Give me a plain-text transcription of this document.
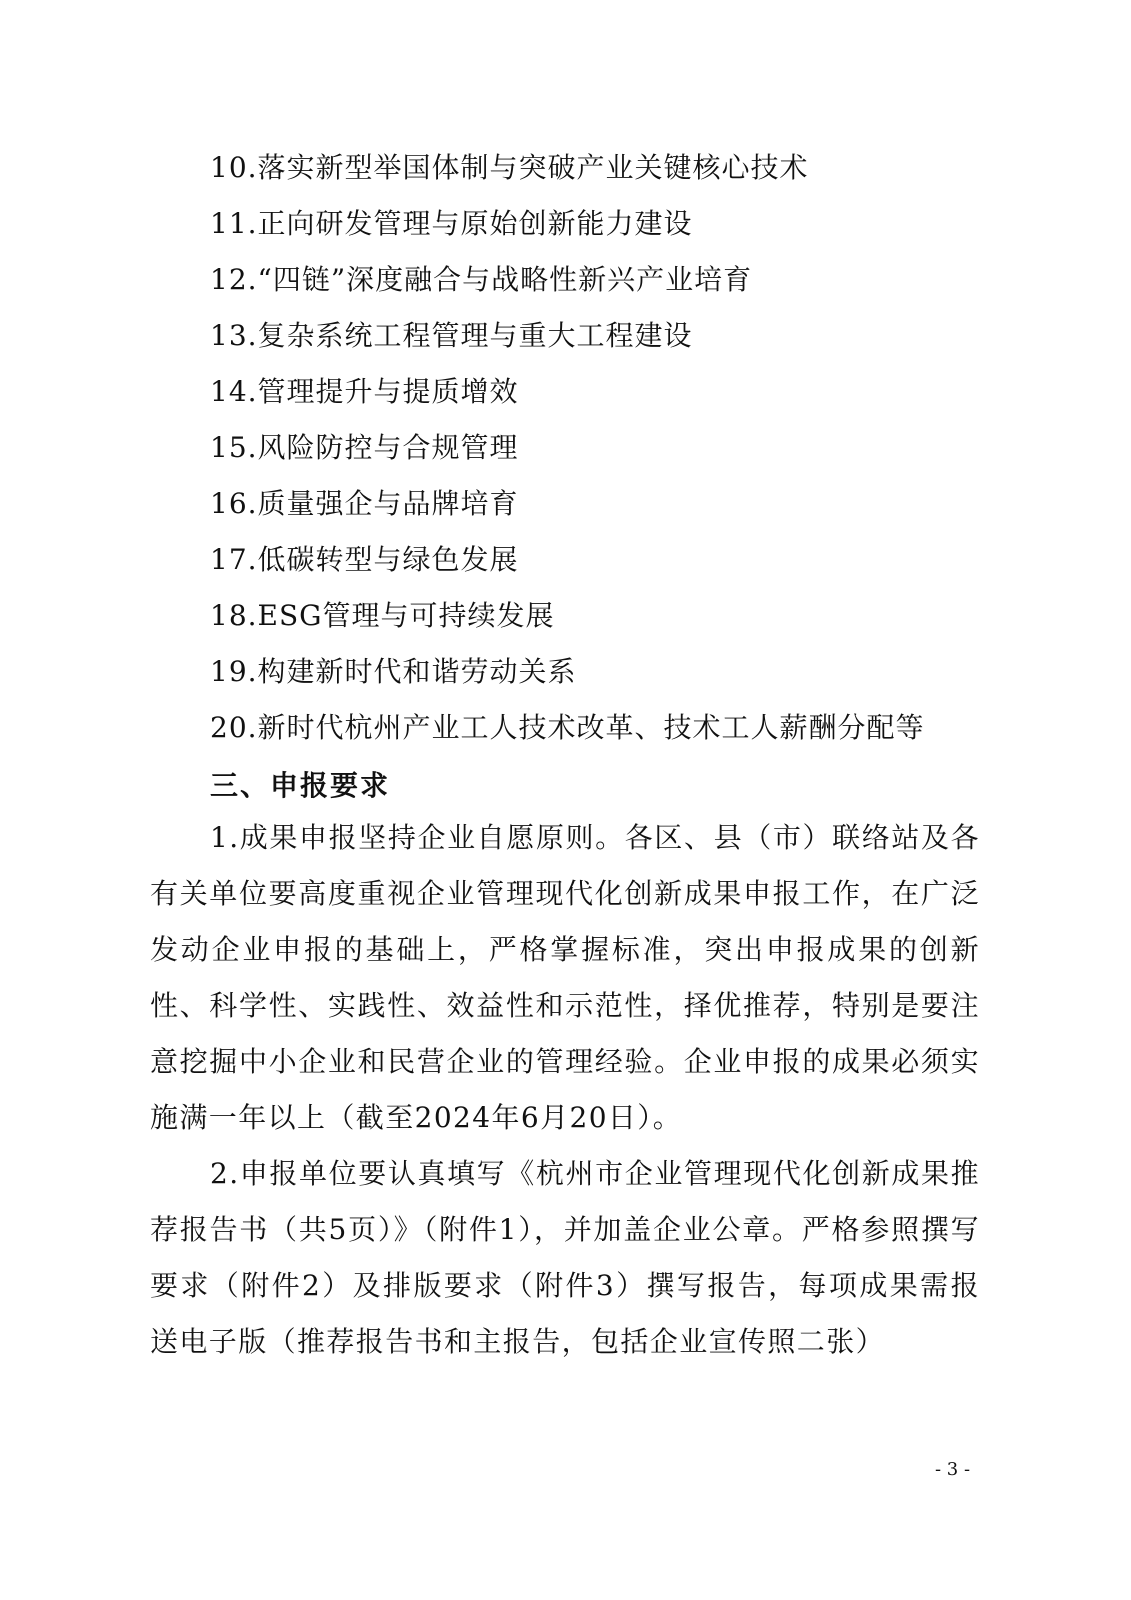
10.落实新型举国体制与突破产业关键核心技术
11.正向研发管理与原始创新能力建设
12.“四链”深度融合与战略性新兴产业培育
13.复杂系统工程管理与重大工程建设
14.管理提升与提质增效
15.风险防控与合规管理
16.质量强企与品牌培育
17.低碳转型与绿色发展
18.ESG管理与可持续发展
19.构建新时代和谐劳动关系
20.新时代杭州产业工人技术改革、技术工人薪酬分配等
三、申报要求

1.成果申报坚持企业自愿原则。各区、县（市）联络站及各有关单位要高度重视企业管理现代化创新成果申报工作，在广泛发动企业申报的基础上，严格掌握标准，突出申报成果的创新性、科学性、实践性、效益性和示范性，择优推荐，特别是要注意挖掘中小企业和民营企业的管理经验。企业申报的成果必须实施满一年以上（截至2024年6月20日）。

2.申报单位要认真填写《杭州市企业管理现代化创新成果推荐报告书（共5页）》（附件1），并加盖企业公章。严格参照撰写要求（附件2）及排版要求（附件3）撰写报告，每项成果需报送电子版（推荐报告书和主报告，包括企业宣传照二张）

- 3 -
